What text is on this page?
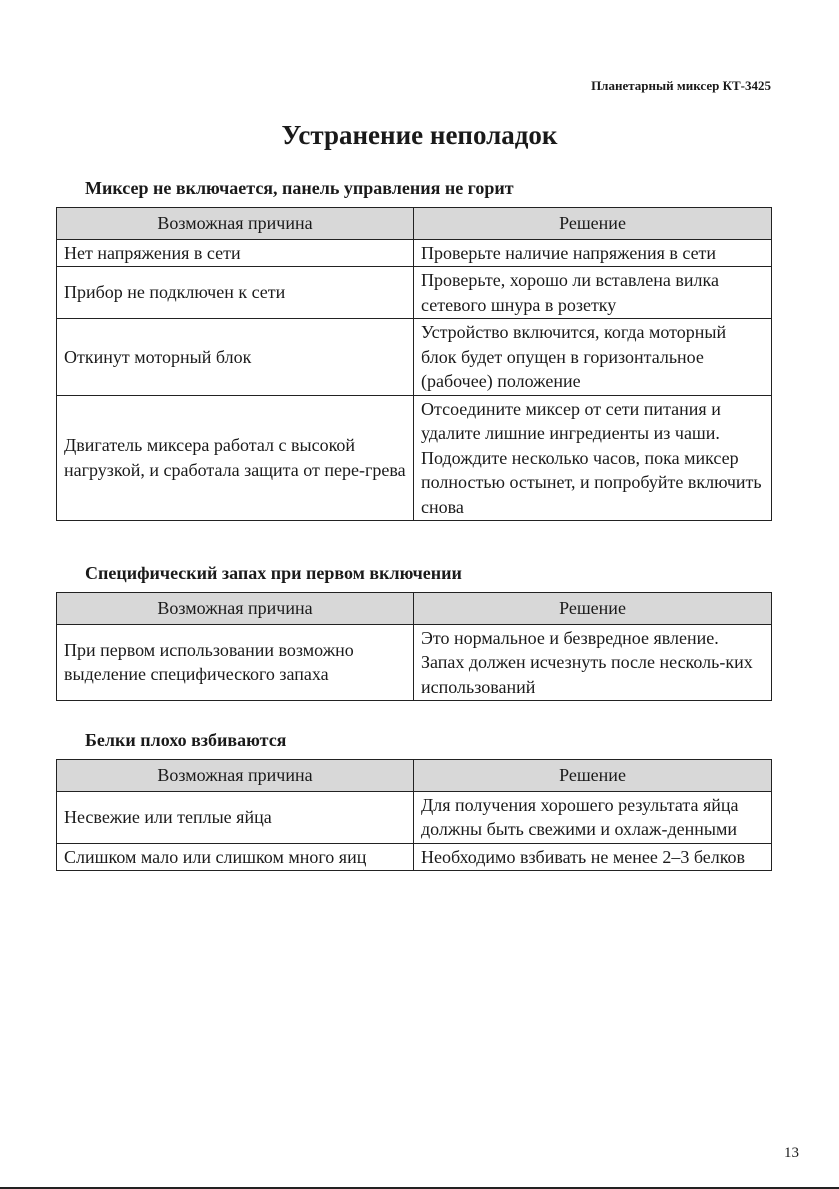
Планетарный миксер КТ-3425
Устранение неполадок
Миксер не включается, панель управления не горит
Возможная причина	Решение
Нет напряжения в сети	Проверьте наличие напряжения в сети
Прибор не подключен к сети	Проверьте, хорошо ли вставлена вилка сетевого шнура в розетку
Откинут моторный блок	Устройство включится, когда моторный блок будет опущен в горизонтальное (рабочее) положение
Двигатель миксера работал с высокой нагрузкой, и сработала защита от пере-грева	Отсоедините миксер от сети питания и удалите лишние ингредиенты из чаши. Подождите несколько часов, пока миксер полностью остынет, и попробуйте включить снова
Специфический запах при первом включении
Возможная причина	Решение
При первом использовании возможно выделение специфического запаха	Это нормальное и безвредное явление. Запах должен исчезнуть после несколь-ких использований
Белки плохо взбиваются
Возможная причина	Решение
Несвежие или теплые яйца	Для получения хорошего результата яйца должны быть свежими и охлаж-денными
Слишком мало или слишком много яиц	Необходимо взбивать не менее 2–3 белков
13
